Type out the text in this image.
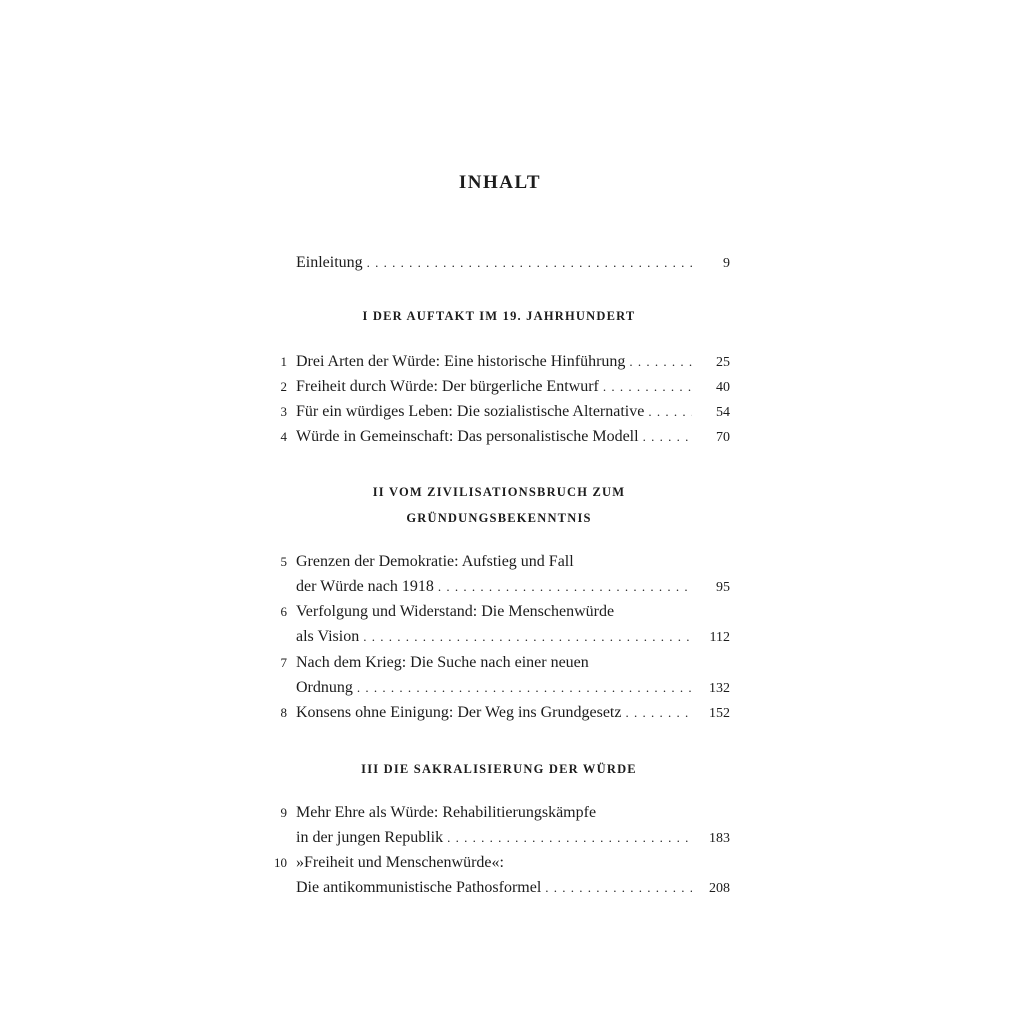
INHALT
Einleitung . . .	9
I DER AUFTAKT IM 19. JAHRHUNDERT
1 Drei Arten der Würde: Eine historische Hinführung . . .	25
2 Freiheit durch Würde: Der bürgerliche Entwurf . . .	40
3 Für ein würdiges Leben: Die sozialistische Alternative . . .	54
4 Würde in Gemeinschaft: Das personalistische Modell . . .	70
II VOM ZIVILISATIONSBRUCH ZUM
GRÜNDUNGSBEKENNTNIS
5 Grenzen der Demokratie: Aufstieg und Fall
der Würde nach 1918 . . .	95
6 Verfolgung und Widerstand: Die Menschenwürde
als Vision . . .	112
7 Nach dem Krieg: Die Suche nach einer neuen
Ordnung . . .	132
8 Konsens ohne Einigung: Der Weg ins Grundgesetz . . .	152
III DIE SAKRALISIERUNG DER WÜRDE
9 Mehr Ehre als Würde: Rehabilitierungskämpfe
in der jungen Republik . . .	183
10 »Freiheit und Menschenwürde«:
Die antikommunistische Pathosformel . . .	208
